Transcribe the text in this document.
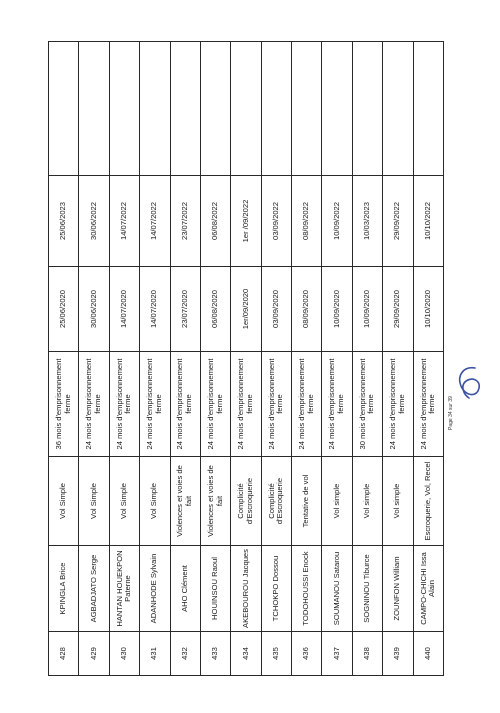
428	KPINGLA Brice	Vol Simple	36 mois d'emprisonnement ferme	25/06/2020	25/06/2023	
429	AGBADJATO Serge	Vol Simple	24 mois d'emprisonnement ferme	30/06/2020	30/06/2022	
430	HANTAN HOUEKPON Paterne	Vol Simple	24 mois d'emprisonnement ferme	14/07/2020	14/07/2022	
431	ADANHODE Sylvain	Vol Simple	24 mois d'emprisonnement ferme	14/07/2020	14/07/2022	
432	AHO Clément	Violences et voies de fait	24 mois d'emprisonnement ferme	23/07/2020	23/07/2022	
433	HOUINSOU Raoul	Violences et voies de fait	24 mois d'emprisonnement ferme	06/08/2020	06/08/2022	
434	AKEBOUROU Jacques	Complicité d'Escroquerie	24 mois d'emprisonnement ferme	1er/09/2020	1er /09/2022	
435	TCHOKPO Dossou	Complicité d'Escroquerie	24 mois d'emprisonnement ferme	03/09/2020	03/09/2022	
436	TODOHOUSSI Enock	Tentative de vol	24 mois d'emprisonnement ferme	08/09/2020	08/09/2022	
437	SOUMANOU Satarou	Vol simple	24 mois d'emprisonnement ferme	10/09/2020	10/09/2022	
438	SOGNINOU Tiburce	Vol simple	30 mois d'emprisonnement ferme	10/09/2020	10/03/2023	
439	ZOUNFON William	Vol simple	24 mois d'emprisonnement ferme	29/09/2020	29/09/2022	
440	CAMPO-CHICHI Issa Alain	Escroquerie, Vol, Recel	24 mois d'emprisonnement ferme	10/10/2020	10/10/2022	
Page 34 sur 39
